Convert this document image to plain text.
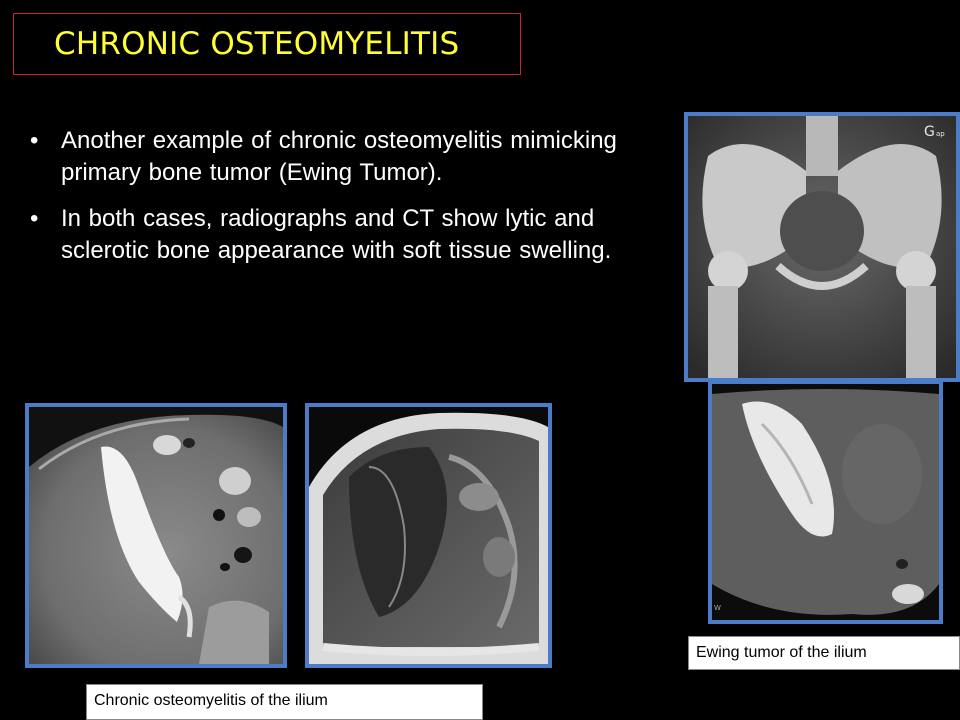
CHRONIC OSTEOMYELITIS
• Another example of chronic osteomyelitis mimicking primary bone tumor (Ewing Tumor).
• In both cases, radiographs and CT show lytic and sclerotic bone appearance with soft tissue swelling.
G ap
W
Chronic osteomyelitis of the ilium
Ewing tumor of the ilium
